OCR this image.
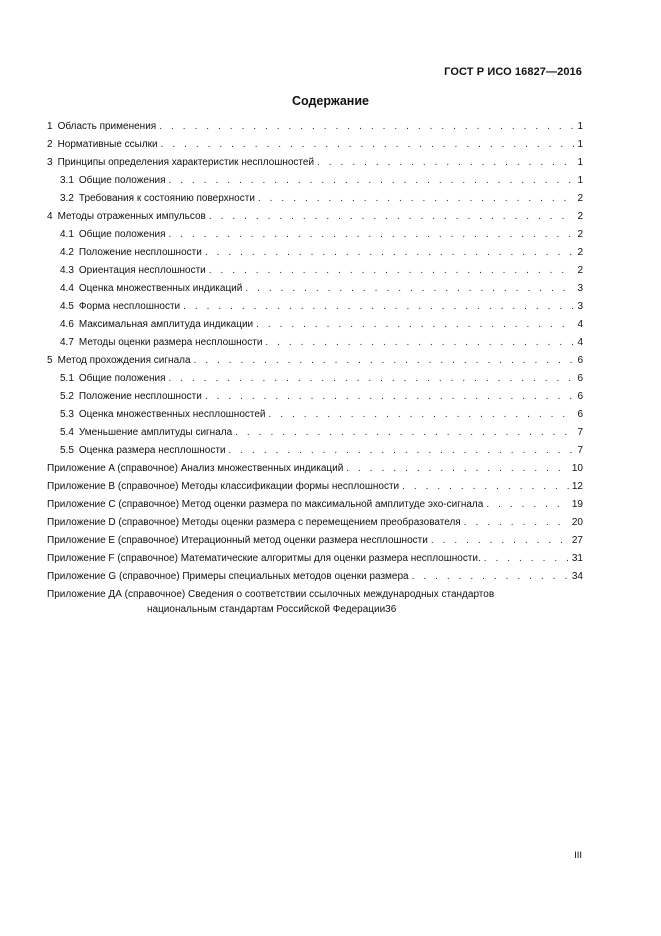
ГОСТ Р ИСО 16827—2016
Содержание
1 Область применения . . .	1
2 Нормативные ссылки . . .	1
3 Принципы определения характеристик несплошностей . . .	1
3.1 Общие положения . . .	1
3.2 Требования к состоянию поверхности . . .	2
4 Методы отраженных импульсов . . .	2
4.1 Общие положения . . .	2
4.2 Положение несплошности . . .	2
4.3 Ориентация несплошности . . .	2
4.4 Оценка множественных индикаций . . .	3
4.5 Форма несплошности . . .	3
4.6 Максимальная амплитуда индикации . . .	4
4.7 Методы оценки размера несплошности . . .	4
5 Метод прохождения сигнала . . .	6
5.1 Общие положения . . .	6
5.2 Положение несплошности . . .	6
5.3 Оценка множественных несплошностей . . .	6
5.4 Уменьшение амплитуды сигнала . . .	7
5.5 Оценка размера несплошности . . .	7
Приложение A (справочное) Анализ множественных индикаций . . .	10
Приложение B (справочное) Методы классификации формы несплошности . . .	12
Приложение C (справочное) Метод оценки размера по максимальной амплитуде эхо-сигнала . . .	19
Приложение D (справочное) Методы оценки размера с перемещением преобразователя . . .	20
Приложение E (справочное) Итерационный метод оценки размера несплошности . . .	27
Приложение F (справочное) Математические алгоритмы для оценки размера несплошности. . . .	31
Приложение G (справочное) Примеры специальных методов оценки размера . . .	34
Приложение ДА (справочное) Сведения о соответствии ссылочных международных стандартов
национальным стандартам Российской Федерации 36
III
